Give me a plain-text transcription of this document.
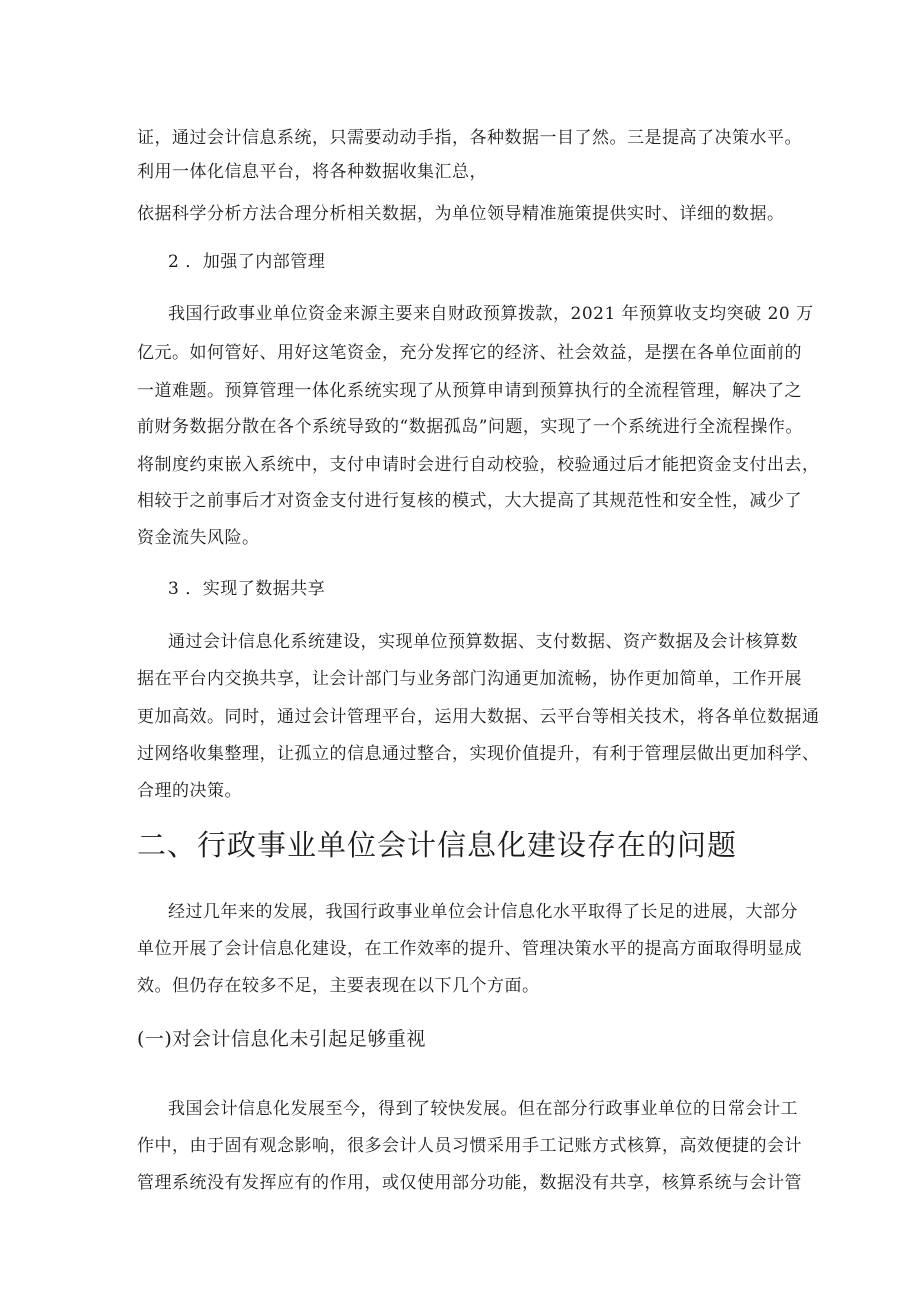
证，通过会计信息系统，只需要动动手指，各种数据一目了然。三是提高了决策水平。
利用一体化信息平台，将各种数据收集汇总，
依据科学分析方法合理分析相关数据，为单位领导精准施策提供实时、详细的数据。
2 ．加强了内部管理
我国行政事业单位资金来源主要来自财政预算拨款，2021 年预算收支均突破 20 万
亿元。如何管好、用好这笔资金，充分发挥它的经济、社会效益，是摆在各单位面前的
一道难题。预算管理一体化系统实现了从预算申请到预算执行的全流程管理，解决了之
前财务数据分散在各个系统导致的“数据孤岛”问题，实现了一个系统进行全流程操作。
将制度约束嵌入系统中，支付申请时会进行自动校验，校验通过后才能把资金支付出去，
相较于之前事后才对资金支付进行复核的模式，大大提高了其规范性和安全性，减少了
资金流失风险。
3 ．实现了数据共享
通过会计信息化系统建设，实现单位预算数据、支付数据、资产数据及会计核算数
据在平台内交换共享，让会计部门与业务部门沟通更加流畅，协作更加简单，工作开展
更加高效。同时，通过会计管理平台，运用大数据、云平台等相关技术，将各单位数据通
过网络收集整理，让孤立的信息通过整合，实现价值提升，有利于管理层做出更加科学、
合理的决策。
二、行政事业单位会计信息化建设存在的问题
经过几年来的发展，我国行政事业单位会计信息化水平取得了长足的进展，大部分
单位开展了会计信息化建设，在工作效率的提升、管理决策水平的提高方面取得明显成
效。但仍存在较多不足，主要表现在以下几个方面。
(一)对会计信息化未引起足够重视
我国会计信息化发展至今，得到了较快发展。但在部分行政事业单位的日常会计工
作中，由于固有观念影响，很多会计人员习惯采用手工记账方式核算，高效便捷的会计
管理系统没有发挥应有的作用，或仅使用部分功能，数据没有共享，核算系统与会计管
